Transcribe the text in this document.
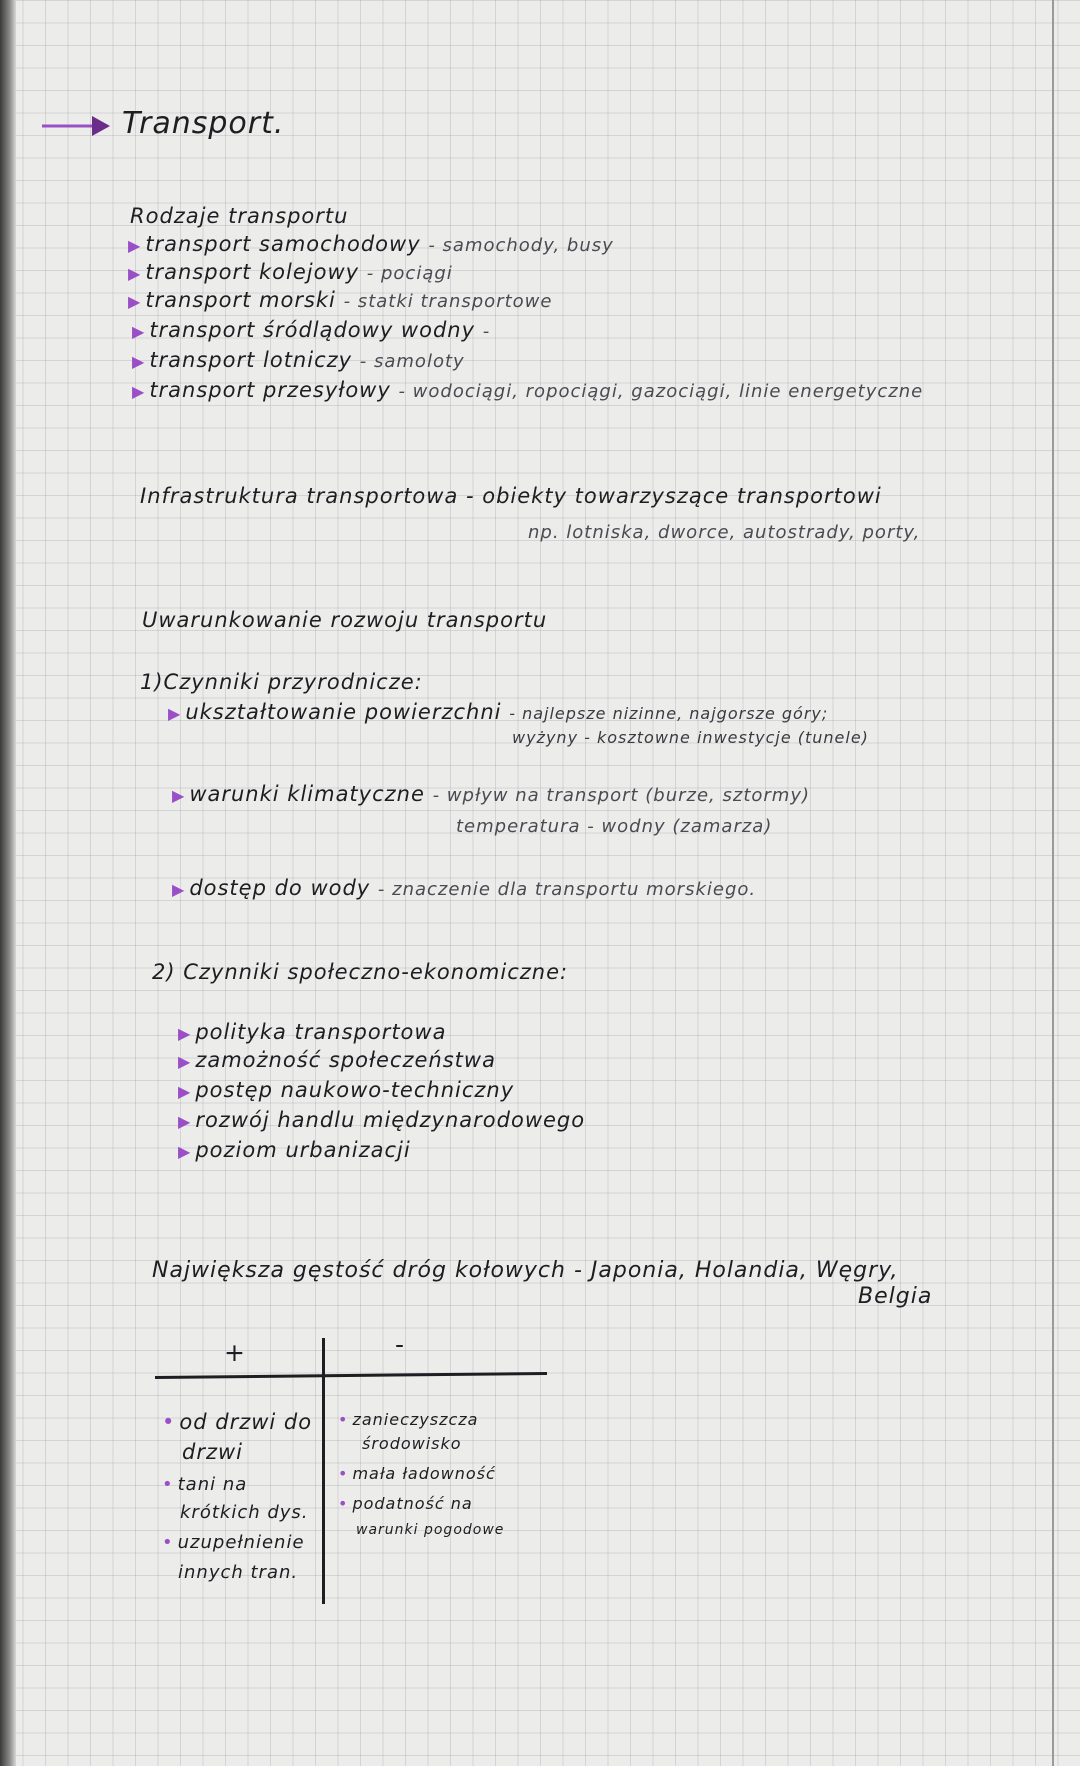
Transport.
Rodzaje transportu
▶ transport samochodowy - samochody, busy
▶ transport kolejowy - pociągi
▶ transport morski - statki transportowe
▶ transport śródlądowy wodny -
▶ transport lotniczy - samoloty
▶ transport przesyłowy - wodociągi, ropociągi, gazociągi, linie energetyczne
Infrastruktura transportowa - obiekty towarzyszące transportowi
np. lotniska, dworce, autostrady, porty,
Uwarunkowanie rozwoju transportu
1)Czynniki przyrodnicze:
▶ ukształtowanie powierzchni - najlepsze nizinne, najgorsze góry;
wyżyny - kosztowne inwestycje (tunele)
▶ warunki klimatyczne - wpływ na transport (burze, sztormy)
temperatura - wodny (zamarza)
▶ dostęp do wody - znaczenie dla transportu morskiego.
2) Czynniki społeczno-ekonomiczne:
▶ polityka transportowa
▶ zamożność społeczeństwa
▶ postęp naukowo-techniczny
▶ rozwój handlu międzynarodowego
▶ poziom urbanizacji
Największa gęstość dróg kołowych - Japonia, Holandia, Węgry,
Belgia
+	-
• od drzwi do
drzwi
• tani na
krótkich dys.
• uzupełnienie
innych tran.
• zanieczyszcza
środowisko
• mała ładowność
• podatność na
warunki pogodowe
